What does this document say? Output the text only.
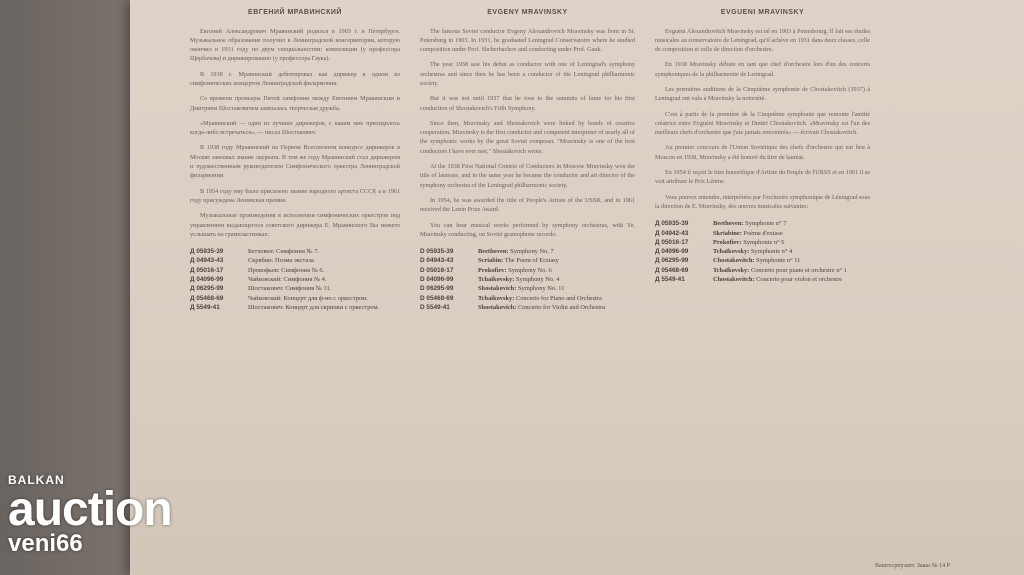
ЕВГЕНИЙ МРАВИНСКИЙ

Евгений Александрович Мравинский родился в 1903 г. в Петербурге. Музыкальное образование получил в Ленинградской консерватории, которую окончил в 1931 году по двум специальностям: композиции (у профессора Щербачева) и дирижированию (у профессора Гаука).

В 1938 г. Мравинский дебютировал как дирижер в одном из симфонических концертов Ленинградской филармонии.

Со времени премьеры Пятой симфонии между Евгением Мравинским и Дмитрием Шостаковичем завязалась творческая дружба.

«Мравинский — один из лучших дирижеров, с каким мне приходилось когда-либо встречаться», — писал Шостакович.

В 1938 году Мравинский на Первом Всесоюзном конкурсе дирижеров в Москве завоевал звание лауреата. В том же году Мравинский стал дирижером и художественным руководителем Симфонического оркестра Ленинградской филармонии.

В 1954 году ему было присвоено звание народного артиста СССР, а в 1961 году присуждена Ленинская премия.

Музыкальные произведения в исполнении симфонических оркестров под управлением выдающегося советского дирижера Е. Мравинского Вы можете услышать на грампластинках:

Д 05935-39	Бетховен: Симфония № 7.
Д 04943-43	Скрябин: Поэма экстаза.
Д 05016-17	Прокофьев: Симфония № 6.
Д 04096-99	Чайковский: Симфония № 4.
Д 06295-99	Шостакович: Симфония № 11.
Д 05468-69	Чайковский: Концерт для ф-но с оркестром.
Д 5549-41	Шостакович: Концерт для скрипки с оркестром.
EVGENY MRAVINSKY

The famous Soviet conductor Evgeny Alexandrovich Mravinsky was born in St. Petersburg in 1903. In 1931, he graduated Leningrad Conservatoire where he studied composition under Prof. Shcherbachov and conducting under Prof. Gauk.

The year 1938 saw his debut as conductor with one of Leningrad's symphony orchestras and since then he has been a conductor of the Leningrad philharmonic society.

But it was not until 1937 that he rose to the summits of fame for his first conduction of Shostakovich's Fifth Symphony.

Since then, Mravinsky and Shostakovich were linked by bonds of creative cooperation. Mravinsky is the first conductor and competent interpreter of nearly all of the symphonic works by the great Soviet composer. "Mravinsky is one of the best conductors I have ever met," Shostakovich wrote.

At the 1938 First National Contest of Conductors in Moscow Mravinsky won the title of laureate, and in the same year he became the conductor and art director of the symphony orchestra of the Leningrad philharmonic society.

In 1954, he was awarded the title of People's Artiste of the USSR, and in 1961 received the Lenin Prize Award.

You can hear musical works performed by symphony orchestras, with Ye. Mravinsky conducting, on Soviet gramophone records:

D 05935-39	Beethoven: Symphony No. 7
D 04943-43	Scriabin: The Poem of Ecstasy
D 05016-17	Prokofiev: Symphony No. 6
D 04096-99	Tchaikovsky: Symphony No. 4
D 06295-99	Shostakovich: Symphony No. 11
D 05468-69	Tchaikovsky: Concerto for Piano and Orchestra
D 5549-41	Shostakovich: Concerto for Violin and Orchestra
EVGUENI MRAVINSKY

Evguéni Alexandrovitch Mravinsky est né en 1903 à Petersbourg. Il fait ses études musicales au conservatoire de Leningrad, qu'il achève en 1931 dans deux classes, celle de composition et celle de direction d'orchestre.

En 1938 Mravinsky débute en tant que chef d'orchestre lors d'un des concerts symphoniques de la philharmonie de Leningrad.

Les premières auditions de la Cinquième symphonie de Chostakovitch (1937) à Leningrad ont valu à Mravinsky la notoriété.

C'est à partir de la première de la Cinquième symphonie que remonte l'amitié créatrice entre Evguéni Mravinsky et Dmitri Chostakovitch. «Mravinsky est l'un des meilleurs chefs d'orchestre que j'aie jamais rencontrés» — écrivait Chostakovitch.

Au premier concours de l'Union Soviétique des chefs d'orchestre qui eut lieu à Moscou en 1938, Mravinsky a été honoré du titre de lauréat.

En 1954 il reçoit le titre honorifique d'Artiste du Peuple de l'URSS et en 1961 il se voit attribuer le Prix Lénine.

Vous pouvez entendre, interprétées par l'orchestre symphonique de Léningrad sous la direction de E. Mravinsky, des œuvres musicales suivantes:

Д 05935-39	Beethoven: Symphonie n° 7
Д 04942-43	Skriabine: Poème d'extase
Д 05016-17	Prokofiev: Symphonie n° 6
Д 04096-99	Tchaïkovsky: Symphonie n° 4
Д 06295-99	Chostakovitch: Symphonie n° 11
Д 05468-69	Tchaïkovsky: Concerto pour piano et orchestre n° 1
Д 5549-41	Chostakovitch: Concerto pour violon et orchestre
Вашгосрпузапт. Заказ № 14 Р
BALKAN
auction
veni66
